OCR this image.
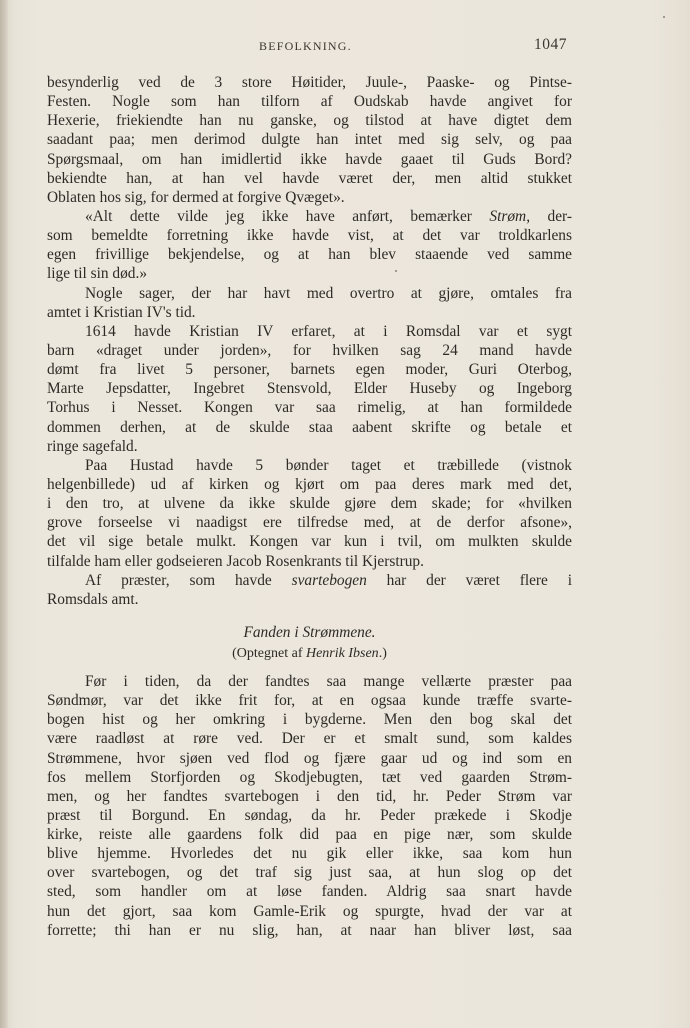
BEFOLKNING.	1047
besynderlig ved de 3 store Høitider, Juule-, Paaske- og Pintse-
Festen. Nogle som han tilforn af Oudskab havde angivet for
Hexerie, friekiendte han nu ganske, og tilstod at have digtet dem
saadant paa; men derimod dulgte han intet med sig selv, og paa
Spørgsmaal, om han imidlertid ikke havde gaaet til Guds Bord?
bekiendte han, at han vel havde været der, men altid stukket
Oblaten hos sig, for dermed at forgive Qvæget».
«Alt dette vilde jeg ikke have anført, bemærker Strøm, der-
som bemeldte forretning ikke havde vist, at det var troldkarlens
egen frivillige bekjendelse, og at han blev staaende ved samme
lige til sin død.»
Nogle sager, der har havt med overtro at gjøre, omtales fra
amtet i Kristian IV's tid.
1614 havde Kristian IV erfaret, at i Romsdal var et sygt
barn «draget under jorden», for hvilken sag 24 mand havde
dømt fra livet 5 personer, barnets egen moder, Guri Oterbog,
Marte Jepsdatter, Ingebret Stensvold, Elder Huseby og Ingeborg
Torhus i Nesset. Kongen var saa rimelig, at han formildede
dommen derhen, at de skulde staa aabent skrifte og betale et
ringe sagefald.
Paa Hustad havde 5 bønder taget et træbillede (vistnok
helgenbillede) ud af kirken og kjørt om paa deres mark med det,
i den tro, at ulvene da ikke skulde gjøre dem skade; for «hvilken
grove forseelse vi naadigst ere tilfredse med, at de derfor afsone»,
det vil sige betale mulkt. Kongen var kun i tvil, om mulkten skulde
tilfalde ham eller godseieren Jacob Rosenkrants til Kjerstrup.
Af præster, som havde svartebogen har der været flere i
Romsdals amt.
Fanden i Strømmene.
(Optegnet af Henrik Ibsen.)
Før i tiden, da der fandtes saa mange vellærte præster paa
Søndmør, var det ikke frit for, at en ogsaa kunde træffe svarte-
bogen hist og her omkring i bygderne. Men den bog skal det
være raadløst at røre ved. Der er et smalt sund, som kaldes
Strømmene, hvor sjøen ved flod og fjære gaar ud og ind som en
fos mellem Storfjorden og Skodjebugten, tæt ved gaarden Strøm-
men, og her fandtes svartebogen i den tid, hr. Peder Strøm var
præst til Borgund. En søndag, da hr. Peder prækede i Skodje
kirke, reiste alle gaardens folk did paa en pige nær, som skulde
blive hjemme. Hvorledes det nu gik eller ikke, saa kom hun
over svartebogen, og det traf sig just saa, at hun slog op det
sted, som handler om at løse fanden. Aldrig saa snart havde
hun det gjort, saa kom Gamle-Erik og spurgte, hvad der var at
forrette; thi han er nu slig, han, at naar han bliver løst, saa
